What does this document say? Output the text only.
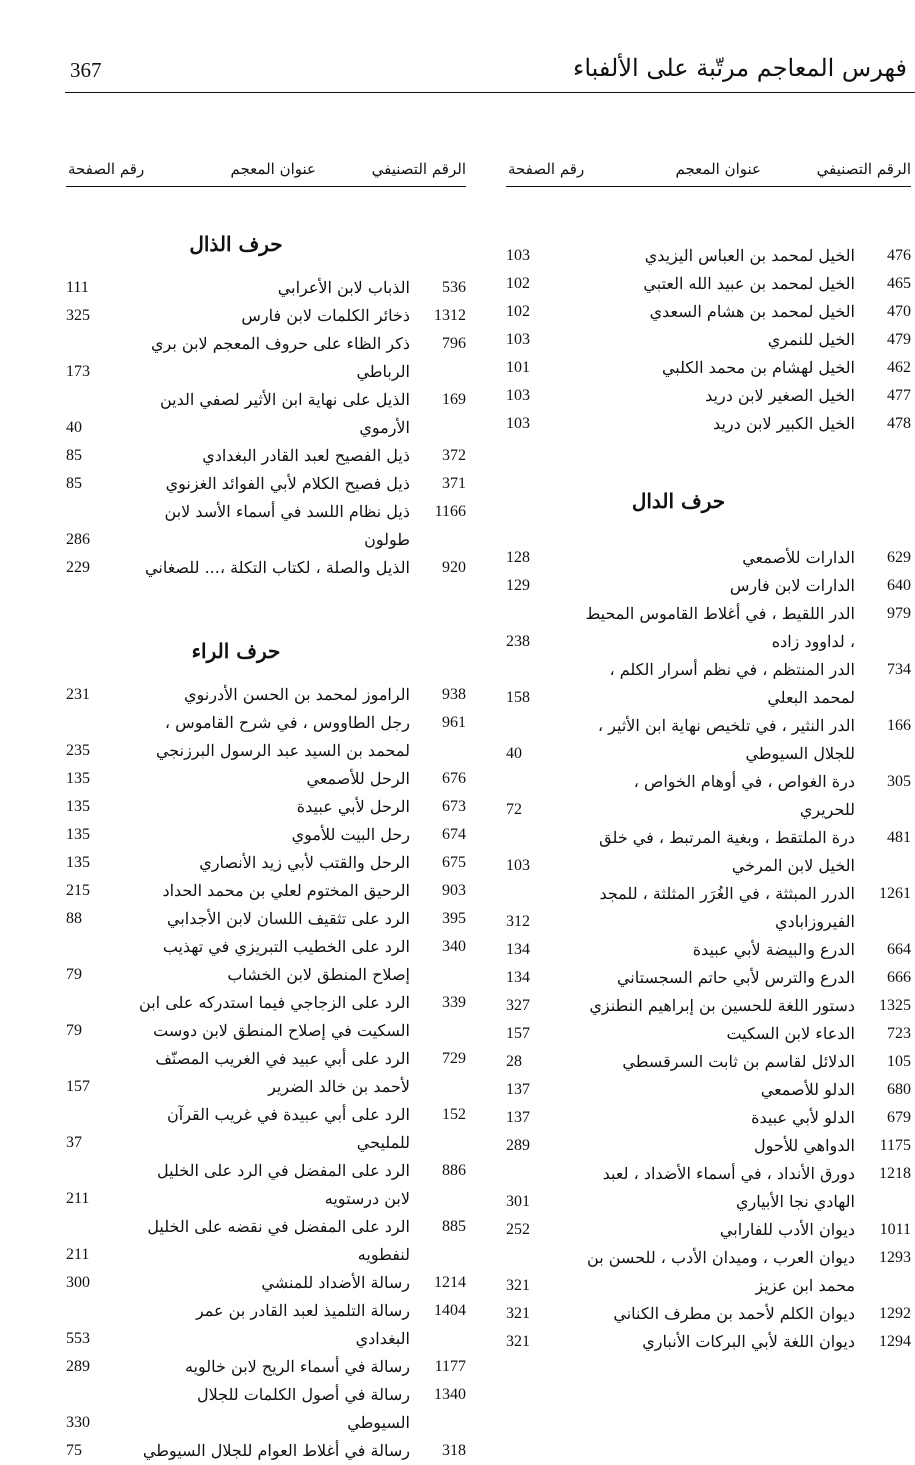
367	فهرس المعاجم مرتّبة على الألفباء
الرقم التصنيفي
عنوان المعجم
رقم الصفحة
476
الخيل لمحمد بن العباس اليزيدي
103
465
الخيل لمحمد بن عبيد الله العتبي
102
470
الخيل لمحمد بن هشام السعدي
102
479
الخيل للنمري
103
462
الخيل لهشام بن محمد الكلبي
101
477
الخيل الصغير لابن دريد
103
478
الخيل الكبير لابن دريد
103
حرف الدال
629
الدارات للأصمعي
128
640
الدارات لابن فارس
129
979
الدر اللقيط ، في أغلاط القاموس المحيط ، لداوود زاده
238
734
الدر المنتظم ، في نظم أسرار الكلم ، لمحمد البعلي
158
166
الدر النثير ، في تلخيص نهاية ابن الأثير ، للجلال السيوطي
40
305
درة الغواص ، في أوهام الخواص ، للحريري
72
481
درة الملتقط ، وبغية المرتبط ، في خلق الخيل لابن المرخي
103
1261
الدرر المبثثة ، في الغُرَر المثلثة ، للمجد الفيروزابادي
312
664
الدرع والبيضة لأبي عبيدة
134
666
الدرع والترس لأبي حاتم السجستاني
134
1325
دستور اللغة للحسين بن إبراهيم النطنزي
327
723
الدعاء لابن السكيت
157
105
الدلائل لقاسم بن ثابت السرقسطي
28
680
الدلو للأصمعي
137
679
الدلو لأبي عبيدة
137
1175
الدواهي للأحول
289
1218
دورق الأنداد ، في أسماء الأضداد ، لعبد الهادي نجا الأبياري
301
1011
ديوان الأدب للفارابي
252
1293
ديوان العرب ، وميدان الأدب ، للحسن بن محمد ابن عزيز
321
1292
ديوان الكلم لأحمد بن مطرف الكناني
321
1294
ديوان اللغة لأبي البركات الأنباري
321
الرقم التصنيفي
عنوان المعجم
رقم الصفحة
حرف الذال
536
الذباب لابن الأعرابي
111
1312
ذخائر الكلمات لابن فارس
325
796
ذكر الظاء على حروف المعجم لابن بري الرباطي
173
169
الذيل على نهاية ابن الأثير لصفي الدين الأرموي
40
372
ذيل الفصيح لعبد القادر البغدادي
85
371
ذيل فصيح الكلام لأبي الفوائد الغزنوي
85
1166
ذيل نظام اللسد في أسماء الأسد لابن طولون
286
920
الذيل والصلة ، لكتاب التكلة ،... للصغاني
229
حرف الراء
938
الراموز لمحمد بن الحسن الأدرنوي
231
961
رجل الطاووس ، في شرح القاموس ، لمحمد بن السيد عبد الرسول البرزنجي
235
676
الرحل للأصمعي
135
673
الرحل لأبي عبيدة
135
674
رحل البيت للأموي
135
675
الرحل والقتب لأبي زيد الأنصاري
135
903
الرحيق المختوم لعلي بن محمد الحداد
215
395
الرد على تثقيف اللسان لابن الأجدابي
88
340
الرد على الخطيب التبريزي في تهذيب إصلاح المنطق لابن الخشاب
79
339
الرد على الزجاجي فيما استدركه على ابن السكيت في إصلاح المنطق لابن دوست
79
729
الرد على أبي عبيد في الغريب المصنّف لأحمد بن خالد الضرير
157
152
الرد على أبي عبيدة في غريب القرآن للمليحي
37
886
الرد على المفضل في الرد على الخليل لابن درستويه
211
885
الرد على المفضل في نقضه على الخليل لنفطويه
211
1214
رسالة الأضداد للمنشي
300
1404
رسالة التلميذ لعبد القادر بن عمر البغدادي
553
1177
رسالة في أسماء الريح لابن خالويه
289
1340
رسالة في أصول الكلمات للجلال السيوطي
330
318
رسالة في أغلاط العوام للجلال السيوطي
75
